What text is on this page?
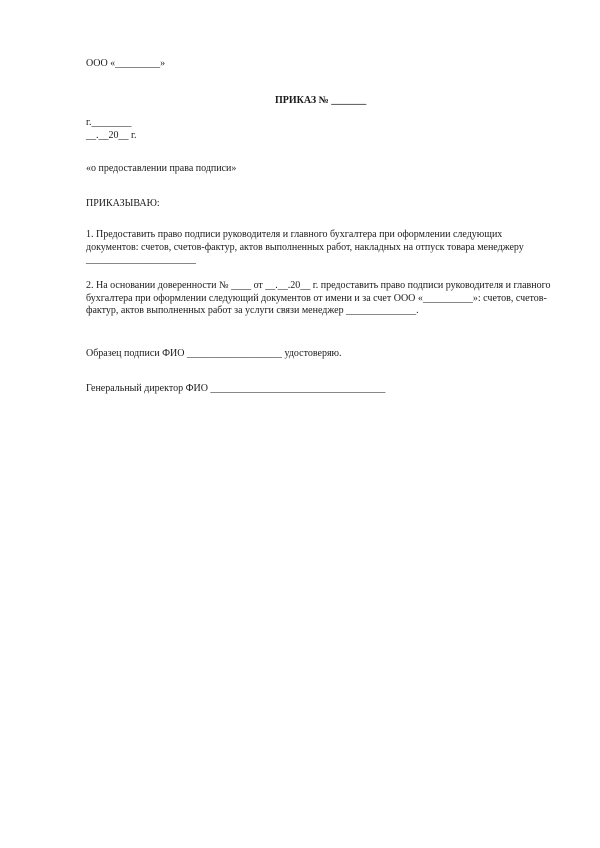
ООО «_________»
ПРИКАЗ № _______
г.________
__.__20__ г.
«о предоставлении права подписи»
ПРИКАЗЫВАЮ:
1. Предоставить право подписи руководителя и главного бухгалтера при оформлении следующих
документов: счетов, счетов-фактур, актов выполненных работ, накладных на отпуск товара менеджеру
______________________
2. На основании доверенности № ____ от __.__.20__ г. предоставить право подписи руководителя и главного
бухгалтера при оформлении следующий документов от имени и за счет ООО «__________»: счетов, счетов-
фактур, актов выполненных работ за услуги связи менеджер ______________.
Образец подписи ФИО ___________________ удостоверяю.
Генеральный директор ФИО ___________________________________
